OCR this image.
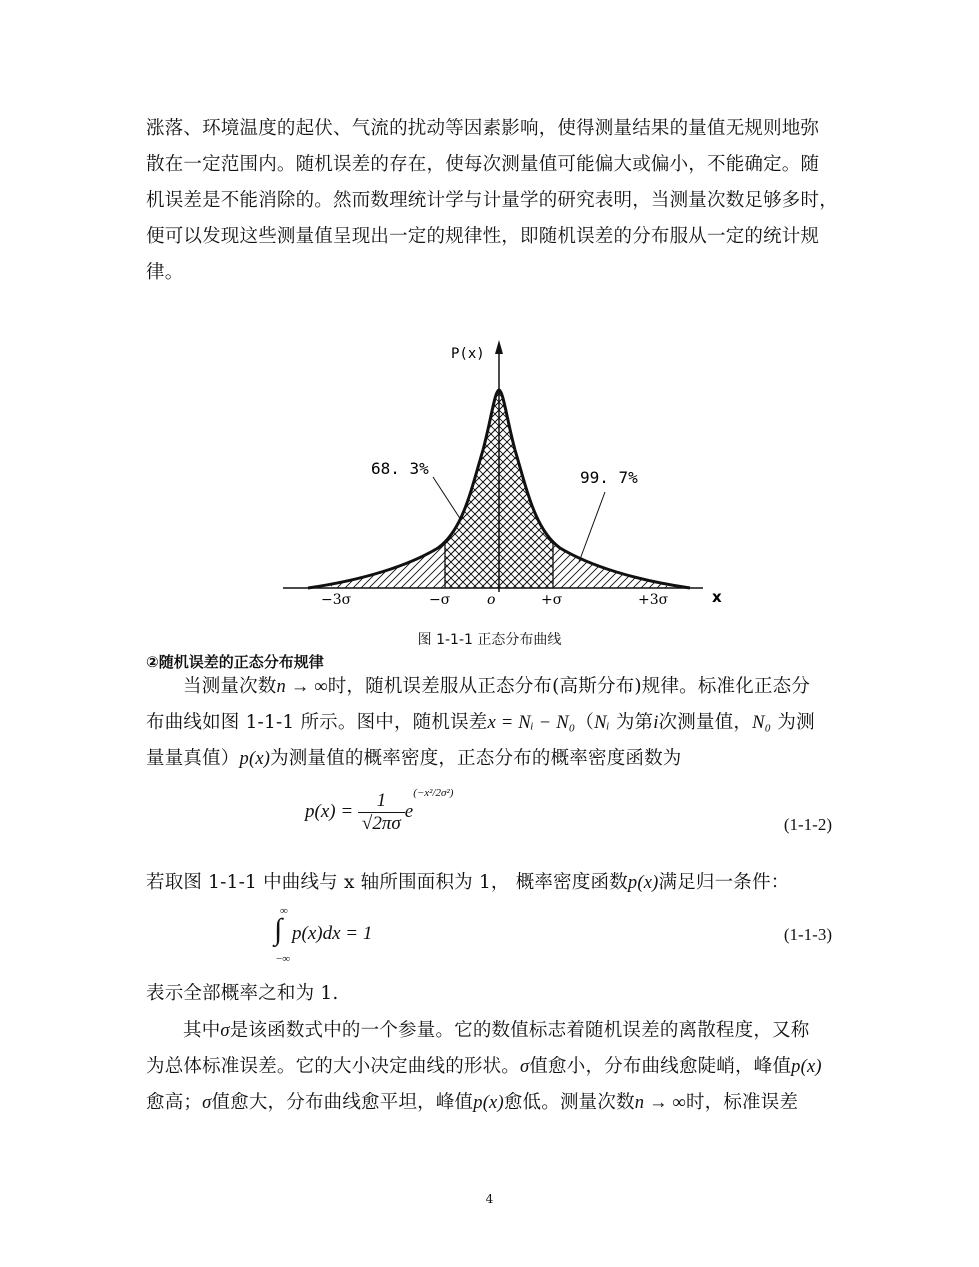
涨落、环境温度的起伏、气流的扰动等因素影响，使得测量结果的量值无规则地弥

散在一定范围内。随机误差的存在，使每次测量值可能偏大或偏小，不能确定。随

机误差是不能消除的。然而数理统计学与计量学的研究表明，当测量次数足够多时，

便可以发现这些测量值呈现出一定的规律性，即随机误差的分布服从一定的统计规

律。

P(x)
x
68. 3%	99. 7%
−3σ	−σ	o	+σ	+3σ
图 1-1-1 正态分布曲线
②随机误差的正态分布规律

当测量次数n → ∞时，随机误差服从正态分布(高斯分布)规律。标准化正态分

布曲线如图 1-1-1 所示。图中，随机误差x = Nᵢ − N₀（Nᵢ 为第i次测量值，N₀ 为测

量量真值）p(x)为测量值的概率密度，正态分布的概率密度函数为

$p(x) = \frac{1}{√2\pi\sigma} e^{(-x^2/2\sigma^2)}$
(1-1-2)

若取图 1-1-1 中曲线与 x 轴所围面积为 1， 概率密度函数p(x)满足归一条件：

∞
∫
−∞
p(x)dx = 1	(1-1-3)

表示全部概率之和为 1.

其中σ是该函数式中的一个参量。它的数值标志着随机误差的离散程度，又称

为总体标准误差。它的大小决定曲线的形状。σ值愈小，分布曲线愈陡峭，峰值p(x)

愈高；σ值愈大，分布曲线愈平坦，峰值p(x)愈低。测量次数n → ∞时，标准误差

4
